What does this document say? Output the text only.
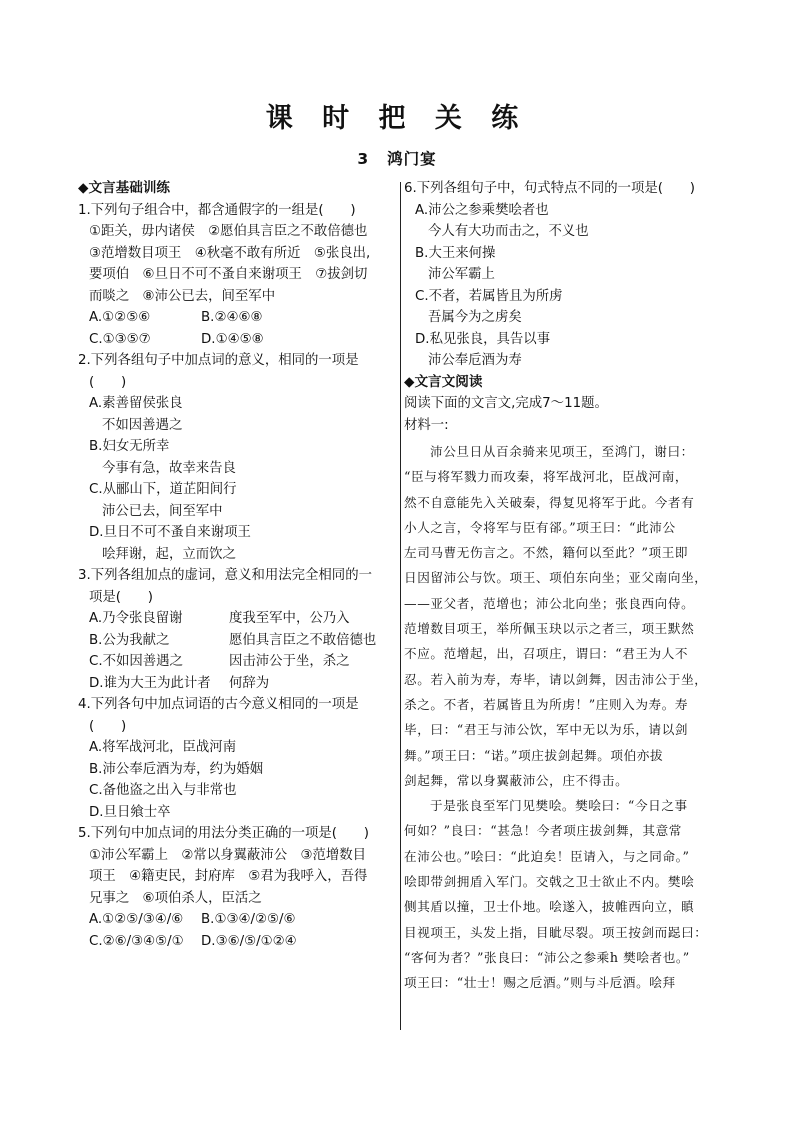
课 时 把 关 练
3 鸿门宴
◆文言基础训练
1.下列句子组合中，都含通假字的一组是(　　)
①距关，毋内诸侯　②愿伯具言臣之不敢倍德也
③范增数目项王　④秋毫不敢有所近　⑤张良出,
要项伯　⑥旦日不可不蚤自来谢项王　⑦拔剑切
而啖之　⑧沛公已去，间至军中
A.①②⑤⑥	B.②④⑥⑧
C.①③⑤⑦	D.①④⑤⑧
2.下列各组句子中加点词的意义，相同的一项是
(　　)
A.素善留侯张良
不如因善遇之
B.妇女无所幸
今事有急，故幸来告良
C.从郦山下，道芷阳间行
沛公已去，间至军中
D.旦日不可不蚤自来谢项王
哙拜谢，起，立而饮之
3.下列各组加点的虚词，意义和用法完全相同的一
项是(　　)
A.乃令张良留谢	度我至军中，公乃入
B.公为我献之	愿伯具言臣之不敢倍德也
C.不如因善遇之	因击沛公于坐，杀之
D.谁为大王为此计者	何辞为
4.下列各句中加点词语的古今意义相同的一项是
(　　)
A.将军战河北，臣战河南
B.沛公奉卮酒为寿，约为婚姻
C.备他盗之出入与非常也
D.旦日飨士卒
5.下列句中加点词的用法分类正确的一项是(　　)
①沛公军霸上　②常以身翼蔽沛公　③范增数目
项王　④籍吏民，封府库　⑤君为我呼入，吾得
兄事之　⑥项伯杀人，臣活之
A.①②⑤/③④/⑥	B.①③④/②⑤/⑥
C.②⑥/③④⑤/①	D.③⑥/⑤/①②④
6.下列各组句子中，句式特点不同的一项是(　　)
A.沛公之参乘樊哙者也
今人有大功而击之，不义也
B.大王来何操
沛公军霸上
C.不者，若属皆且为所虏
吾属今为之虏矣
D.私见张良，具告以事
沛公奉卮酒为寿
◆文言文阅读
阅读下面的文言文,完成7～11题。
材料一:
沛公旦日从百余骑来见项王，至鸿门，谢曰：
“臣与将军戮力而攻秦，将军战河北，臣战河南，
然不自意能先入关破秦，得复见将军于此。今者有
小人之言，令将军与臣有郤。”项王曰：“此沛公
左司马曹无伤言之。不然，籍何以至此？”项王即
日因留沛公与饮。项王、项伯东向坐；亚父南向坐，
——亚父者，范增也；沛公北向坐；张良西向侍。
范增数目项王，举所佩玉玦以示之者三，项王默然
不应。范增起，出，召项庄，谓曰：“君王为人不
忍。若入前为寿，寿毕，请以剑舞，因击沛公于坐，
杀之。不者，若属皆且为所虏！”庄则入为寿。寿
毕，曰：“君王与沛公饮，军中无以为乐，请以剑
舞。”项王曰：“诺。”项庄拔剑起舞。项伯亦拔
剑起舞，常以身翼蔽沛公，庄不得击。
于是张良至军门见樊哙。樊哙曰：“今日之事
何如？”良曰：“甚急！今者项庄拔剑舞，其意常
在沛公也。”哙曰：“此迫矣！臣请入，与之同命。”
哙即带剑拥盾入军门。交戟之卫士欲止不内。樊哙
侧其盾以撞，卫士仆地。哙遂入，披帷西向立，瞋
目视项王，头发上指，目眦尽裂。项王按剑而跽曰：
“客何为者？”张良曰：“沛公之参乘h 樊哙者也。”
项王曰：“壮士！赐之卮酒。”则与斗卮酒。哙拜
